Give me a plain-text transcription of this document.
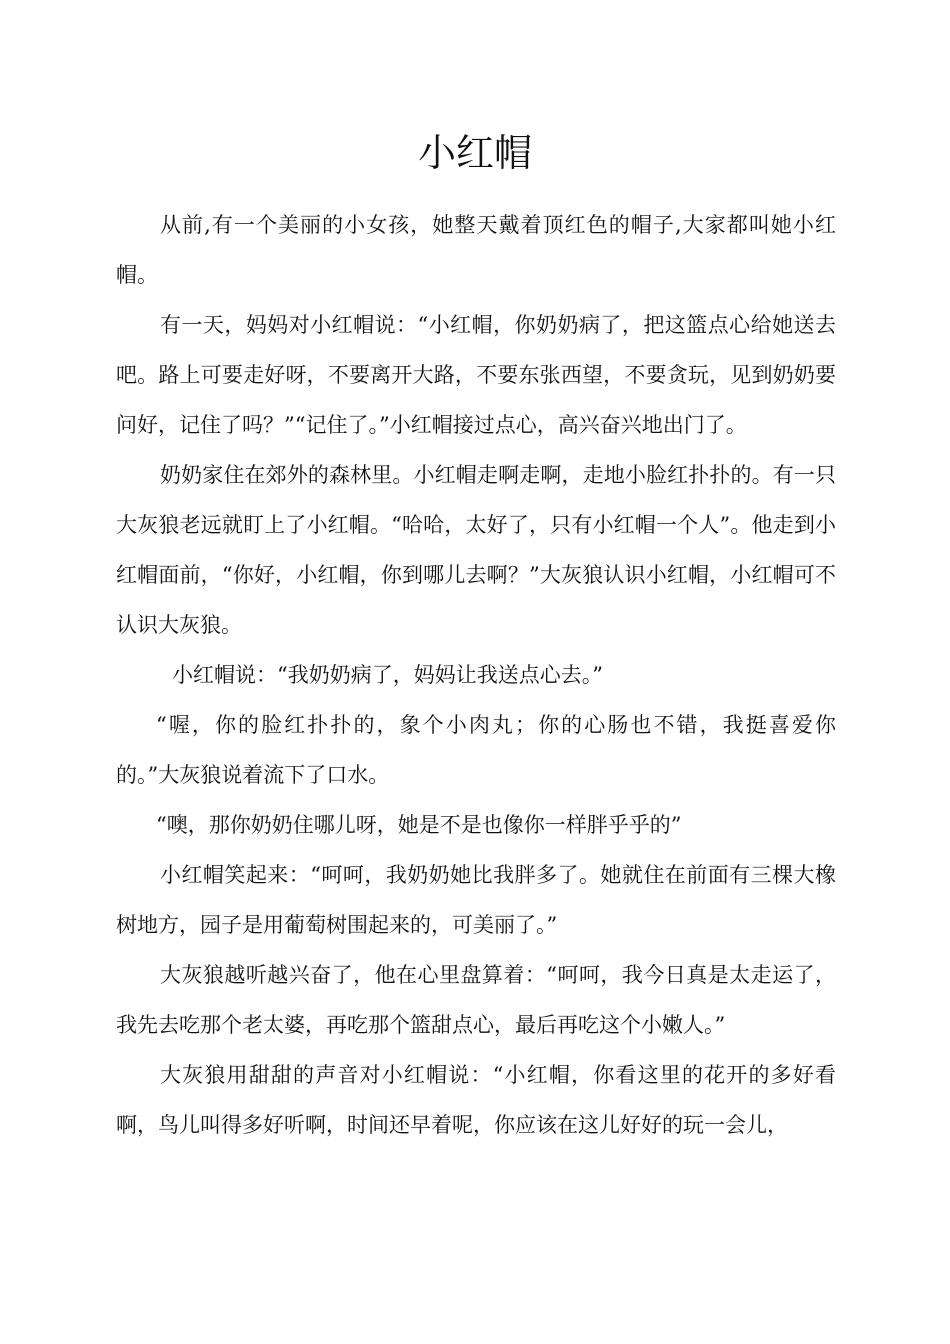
小红帽

从前,有一个美丽的小女孩，她整天戴着顶红色的帽子,大家都叫她小红帽。

有一天，妈妈对小红帽说：“小红帽，你奶奶病了，把这篮点心给她送去吧。路上可要走好呀，不要离开大路，不要东张西望，不要贪玩，见到奶奶要问好，记住了吗？”“记住了。”小红帽接过点心，高兴奋兴地出门了。

奶奶家住在郊外的森林里。小红帽走啊走啊，走地小脸红扑扑的。有一只大灰狼老远就盯上了小红帽。“哈哈，太好了，只有小红帽一个人”。他走到小红帽面前，“你好，小红帽，你到哪儿去啊？”大灰狼认识小红帽，小红帽可不认识大灰狼。

小红帽说：“我奶奶病了，妈妈让我送点心去。”

“喔，你的脸红扑扑的，象个小肉丸；你的心肠也不错，我挺喜爱你的。”大灰狼说着流下了口水。

“噢，那你奶奶住哪儿呀，她是不是也像你一样胖乎乎的”

小红帽笑起来：“呵呵，我奶奶她比我胖多了。她就住在前面有三棵大橡树地方，园子是用葡萄树围起来的，可美丽了。”

大灰狼越听越兴奋了，他在心里盘算着：“呵呵，我今日真是太走运了，我先去吃那个老太婆，再吃那个篮甜点心，最后再吃这个小嫩人。”

大灰狼用甜甜的声音对小红帽说：“小红帽，你看这里的花开的多好看啊，鸟儿叫得多好听啊，时间还早着呢，你应该在这儿好好的玩一会儿，
